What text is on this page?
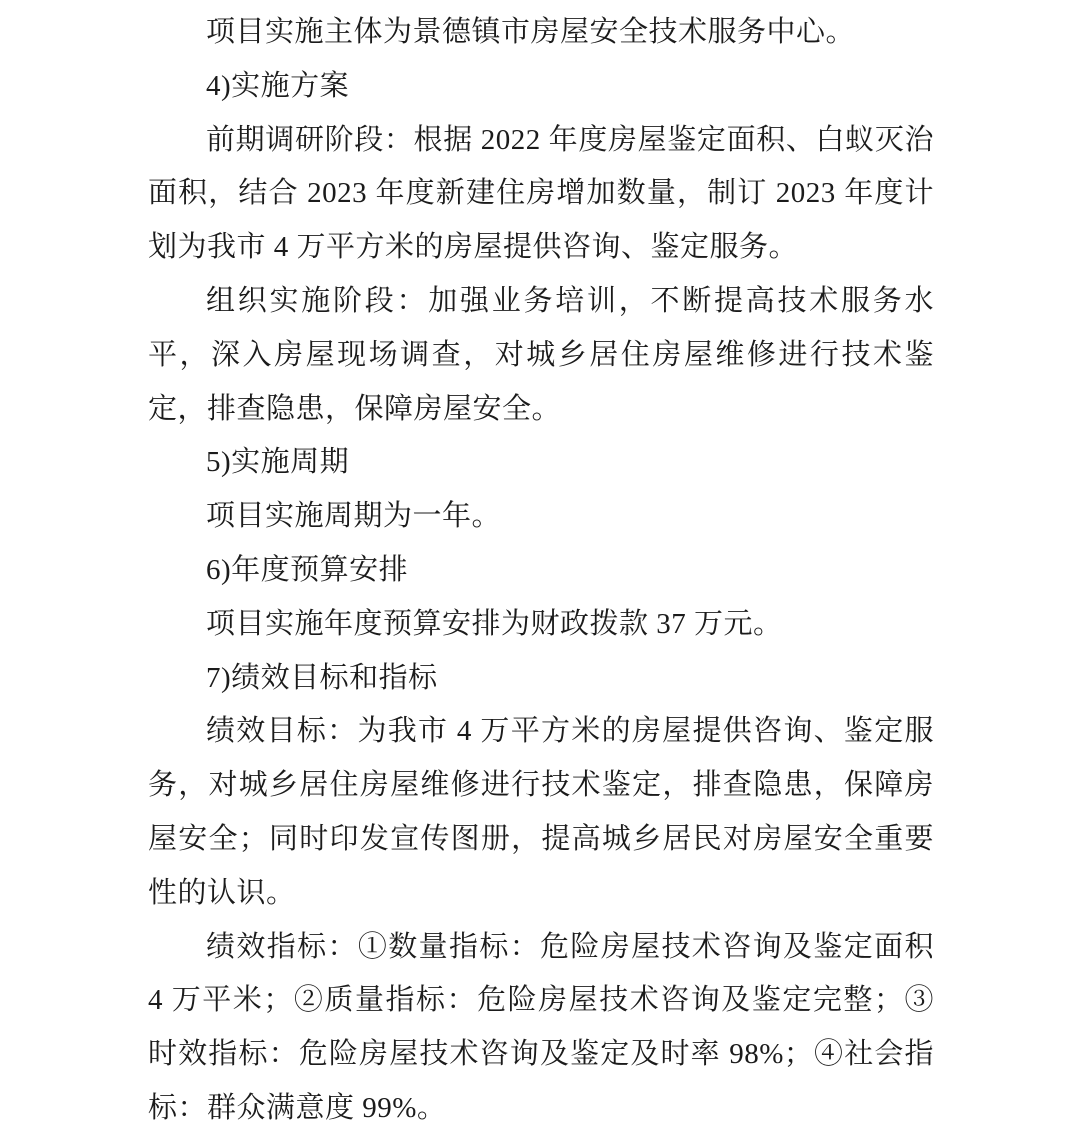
项目实施主体为景德镇市房屋安全技术服务中心。

4)实施方案

前期调研阶段：根据 2022 年度房屋鉴定面积、白蚁灭治面积，结合 2023 年度新建住房增加数量，制订 2023 年度计划为我市 4 万平方米的房屋提供咨询、鉴定服务。

组织实施阶段：加强业务培训，不断提高技术服务水平，深入房屋现场调查，对城乡居住房屋维修进行技术鉴定，排查隐患，保障房屋安全。

5)实施周期

项目实施周期为一年。

6)年度预算安排

项目实施年度预算安排为财政拨款 37 万元。

7)绩效目标和指标

绩效目标：为我市 4 万平方米的房屋提供咨询、鉴定服务，对城乡居住房屋维修进行技术鉴定，排查隐患，保障房屋安全；同时印发宣传图册，提高城乡居民对房屋安全重要性的认识。

绩效指标：①数量指标：危险房屋技术咨询及鉴定面积 4 万平米；②质量指标：危险房屋技术咨询及鉴定完整；③时效指标：危险房屋技术咨询及鉴定及时率 98%；④社会指标：群众满意度 99%。
